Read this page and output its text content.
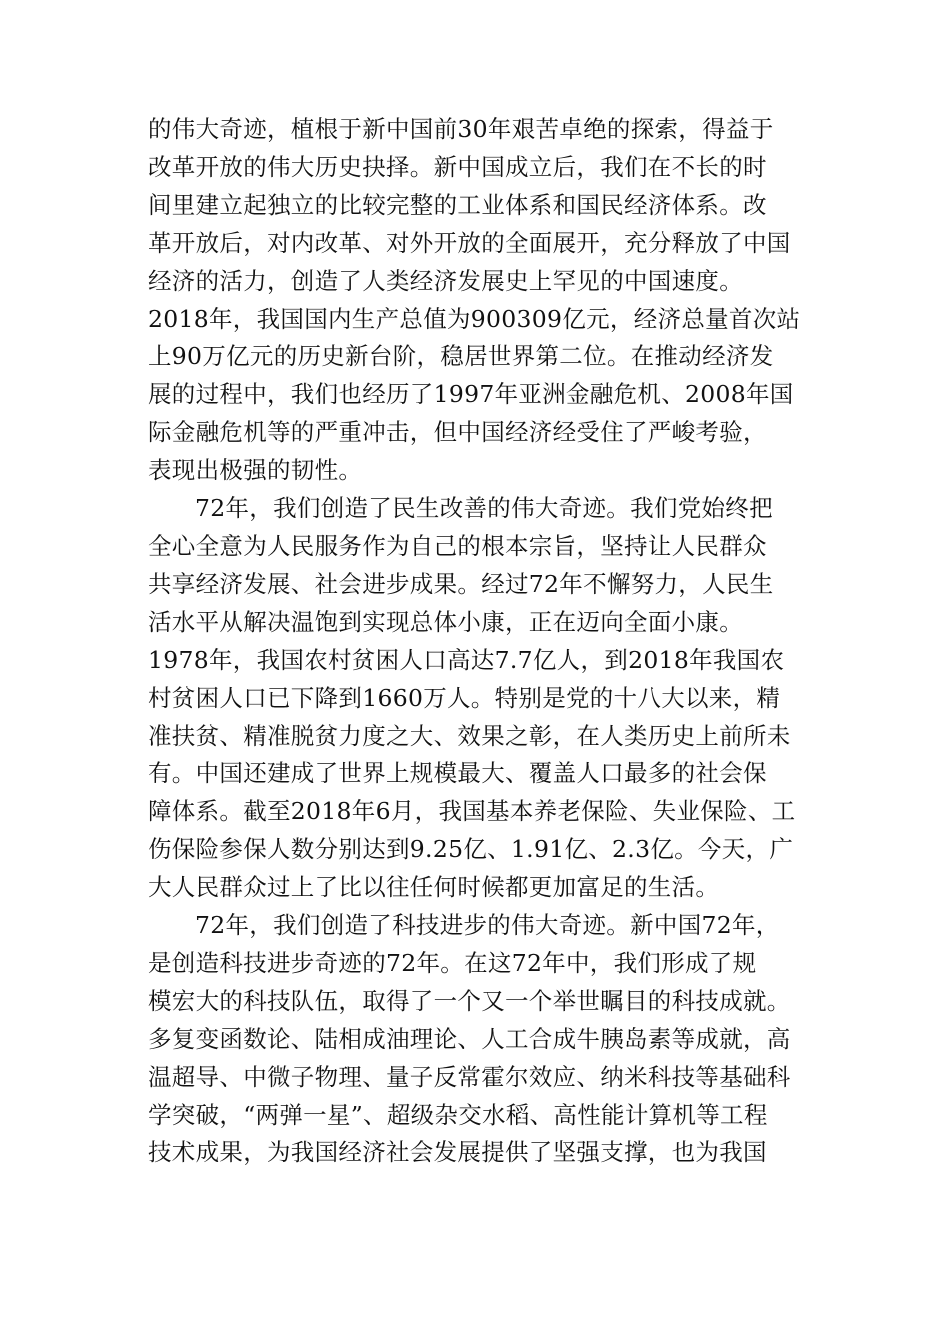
的伟大奇迹，植根于新中国前30年艰苦卓绝的探索，得益于
改革开放的伟大历史抉择。新中国成立后，我们在不长的时
间里建立起独立的比较完整的工业体系和国民经济体系。改
革开放后，对内改革、对外开放的全面展开，充分释放了中国
经济的活力，创造了人类经济发展史上罕见的中国速度。
2018年，我国国内生产总值为900309亿元，经济总量首次站
上90万亿元的历史新台阶，稳居世界第二位。在推动经济发
展的过程中，我们也经历了1997年亚洲金融危机、2008年国
际金融危机等的严重冲击，但中国经济经受住了严峻考验，
表现出极强的韧性。
72年，我们创造了民生改善的伟大奇迹。我们党始终把
全心全意为人民服务作为自己的根本宗旨，坚持让人民群众
共享经济发展、社会进步成果。经过72年不懈努力，人民生
活水平从解决温饱到实现总体小康，正在迈向全面小康。
1978年，我国农村贫困人口高达7.7亿人，到2018年我国农
村贫困人口已下降到1660万人。特别是党的十八大以来，精
准扶贫、精准脱贫力度之大、效果之彰，在人类历史上前所未
有。中国还建成了世界上规模最大、覆盖人口最多的社会保
障体系。截至2018年6月，我国基本养老保险、失业保险、工
伤保险参保人数分别达到9.25亿、1.91亿、2.3亿。今天，广
大人民群众过上了比以往任何时候都更加富足的生活。
72年，我们创造了科技进步的伟大奇迹。新中国72年，
是创造科技进步奇迹的72年。在这72年中，我们形成了规
模宏大的科技队伍，取得了一个又一个举世瞩目的科技成就。
多复变函数论、陆相成油理论、人工合成牛胰岛素等成就，高
温超导、中微子物理、量子反常霍尔效应、纳米科技等基础科
学突破，“两弹一星”、超级杂交水稻、高性能计算机等工程
技术成果，为我国经济社会发展提供了坚强支撑，也为我国
